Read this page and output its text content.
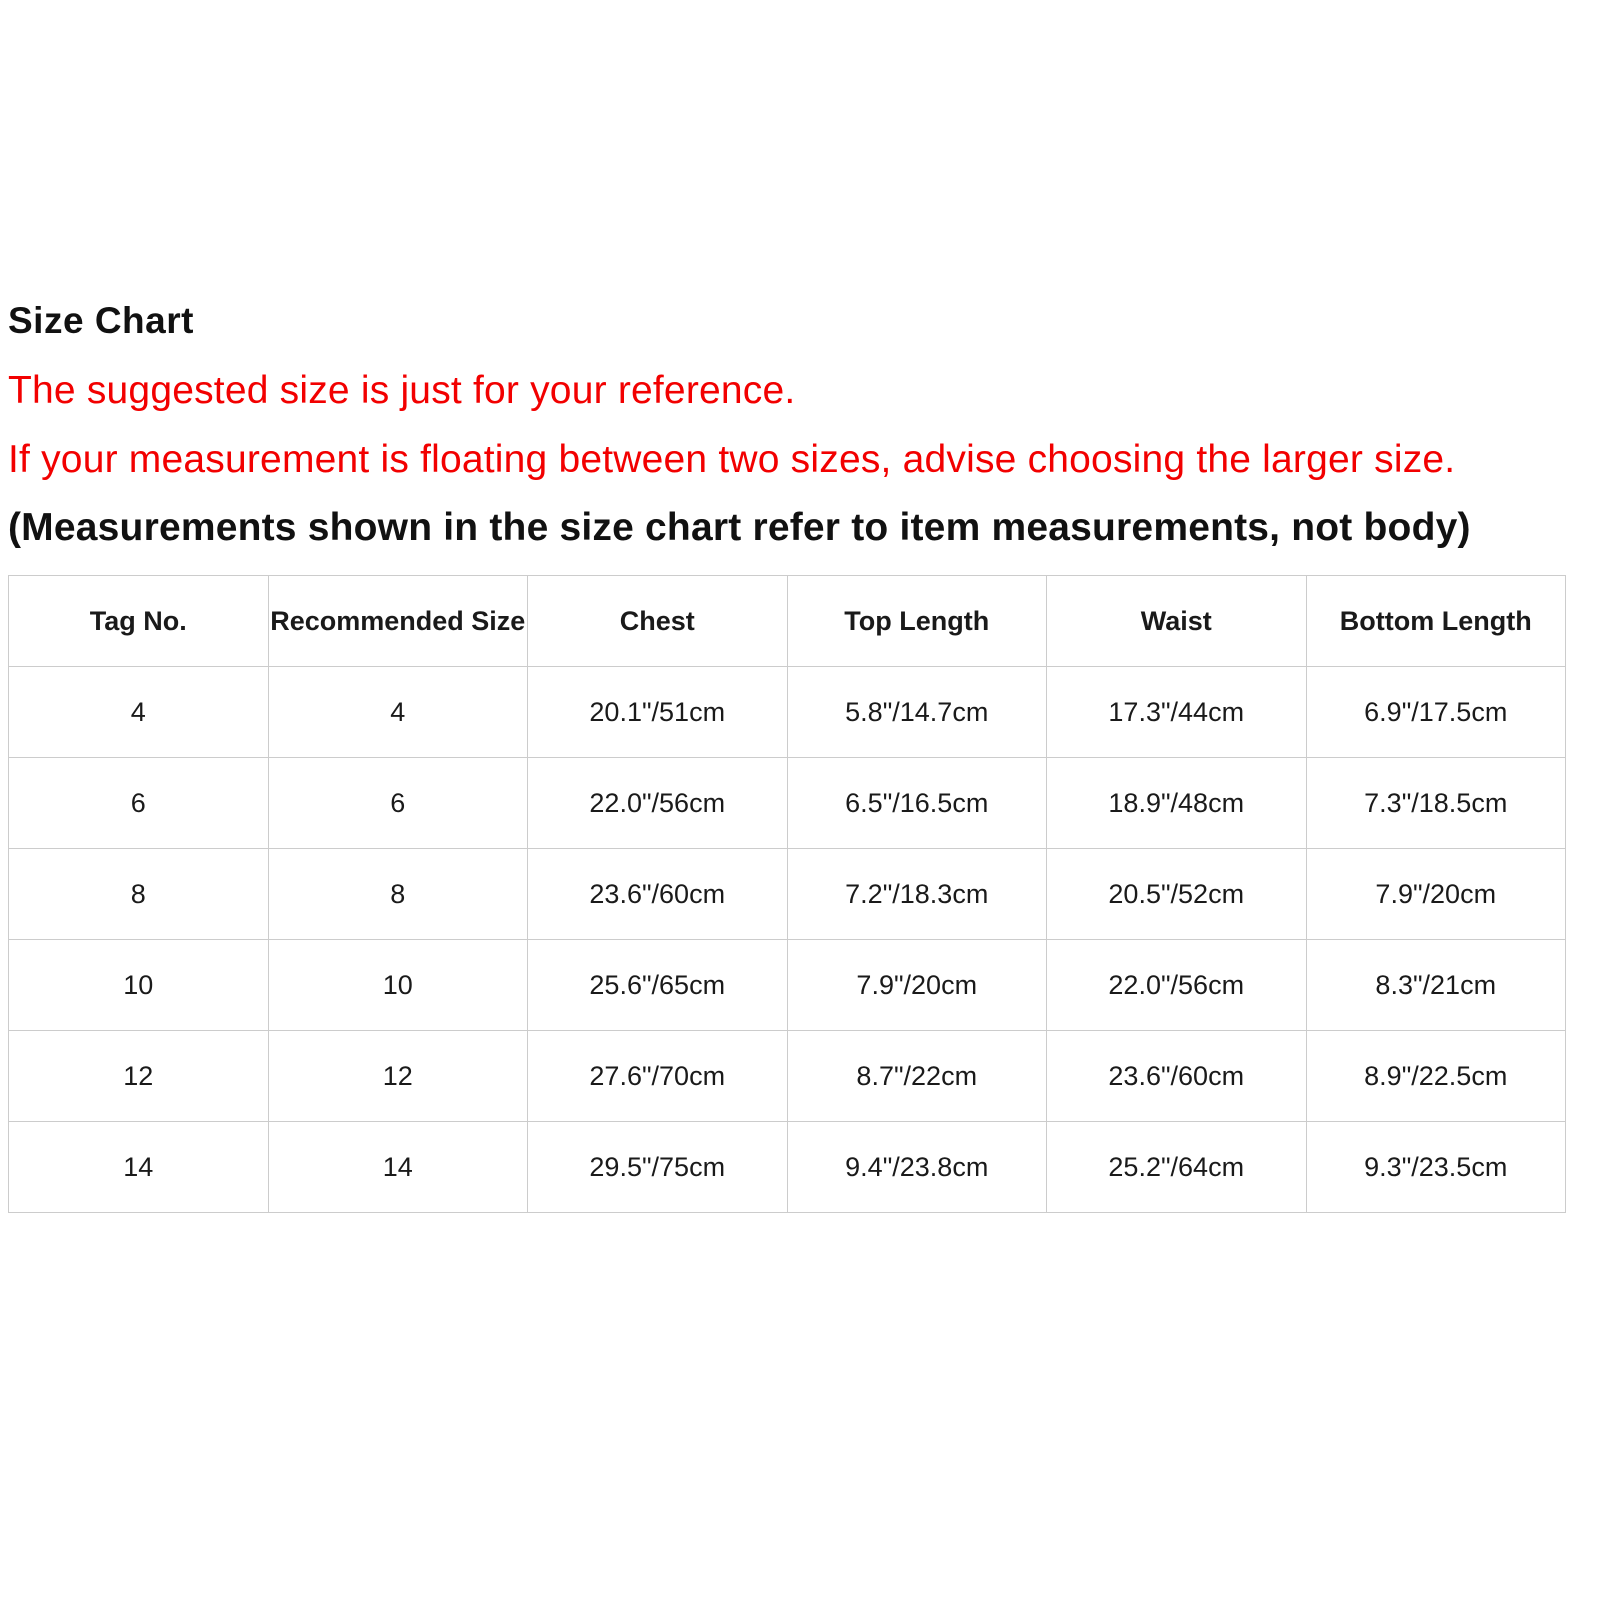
Size Chart
The suggested size is just for your reference.
If your measurement is floating between two sizes, advise choosing the larger size.
(Measurements shown in the size chart refer to item measurements, not body)
Tag No.	Recommended Size	Chest	Top Length	Waist	Bottom Length
4	4	20.1"/51cm	5.8"/14.7cm	17.3"/44cm	6.9"/17.5cm
6	6	22.0"/56cm	6.5"/16.5cm	18.9"/48cm	7.3"/18.5cm
8	8	23.6"/60cm	7.2"/18.3cm	20.5"/52cm	7.9"/20cm
10	10	25.6"/65cm	7.9"/20cm	22.0"/56cm	8.3"/21cm
12	12	27.6"/70cm	8.7"/22cm	23.6"/60cm	8.9"/22.5cm
14	14	29.5"/75cm	9.4"/23.8cm	25.2"/64cm	9.3"/23.5cm
